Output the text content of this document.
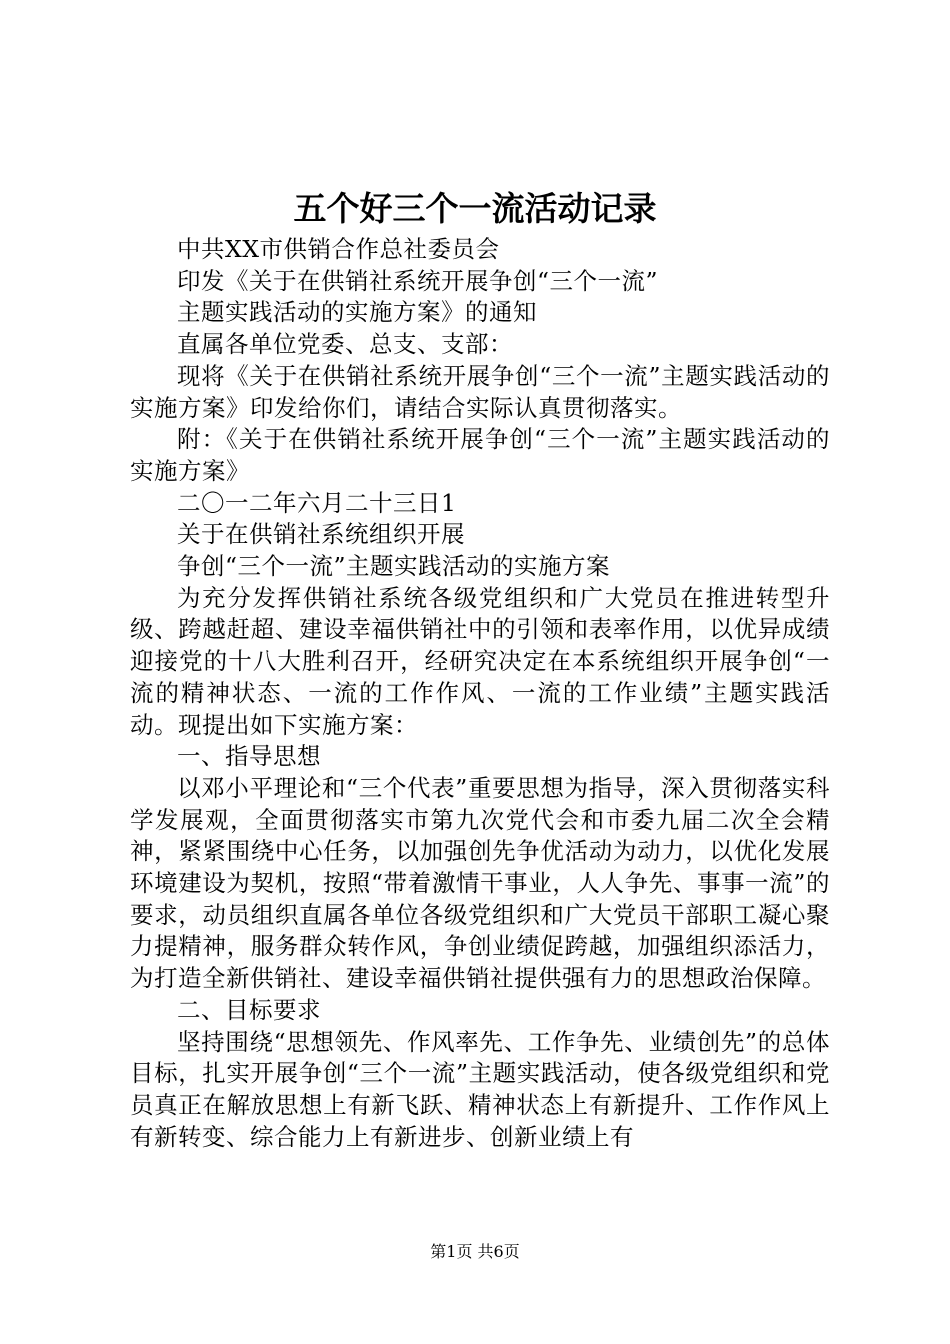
五个好三个一流活动记录

中共XX市供销合作总社委员会

印发《关于在供销社系统开展争创“三个一流”

主题实践活动的实施方案》的通知

直属各单位党委、总支、支部：

现将《关于在供销社系统开展争创“三个一流”主题实践活动的实施方案》印发给你们，请结合实际认真贯彻落实。

附：《关于在供销社系统开展争创“三个一流”主题实践活动的实施方案》

二〇一二年六月二十三日1

关于在供销社系统组织开展

争创“三个一流”主题实践活动的实施方案

为充分发挥供销社系统各级党组织和广大党员在推进转型升级、跨越赶超、建设幸福供销社中的引领和表率作用，以优异成绩迎接党的十八大胜利召开，经研究决定在本系统组织开展争创“一流的精神状态、一流的工作作风、一流的工作业绩”主题实践活动。现提出如下实施方案：

一、指导思想

以邓小平理论和“三个代表”重要思想为指导，深入贯彻落实科学发展观，全面贯彻落实市第九次党代会和市委九届二次全会精神，紧紧围绕中心任务，以加强创先争优活动为动力，以优化发展环境建设为契机，按照“带着激情干事业，人人争先、事事一流”的要求，动员组织直属各单位各级党组织和广大党员干部职工凝心聚力提精神，服务群众转作风，争创业绩促跨越，加强组织添活力，为打造全新供销社、建设幸福供销社提供强有力的思想政治保障。

二、目标要求

坚持围绕“思想领先、作风率先、工作争先、业绩创先”的总体目标，扎实开展争创“三个一流”主题实践活动，使各级党组织和党员真正在解放思想上有新飞跃、精神状态上有新提升、工作作风上有新转变、综合能力上有新进步、创新业绩上有

第1页 共6页
